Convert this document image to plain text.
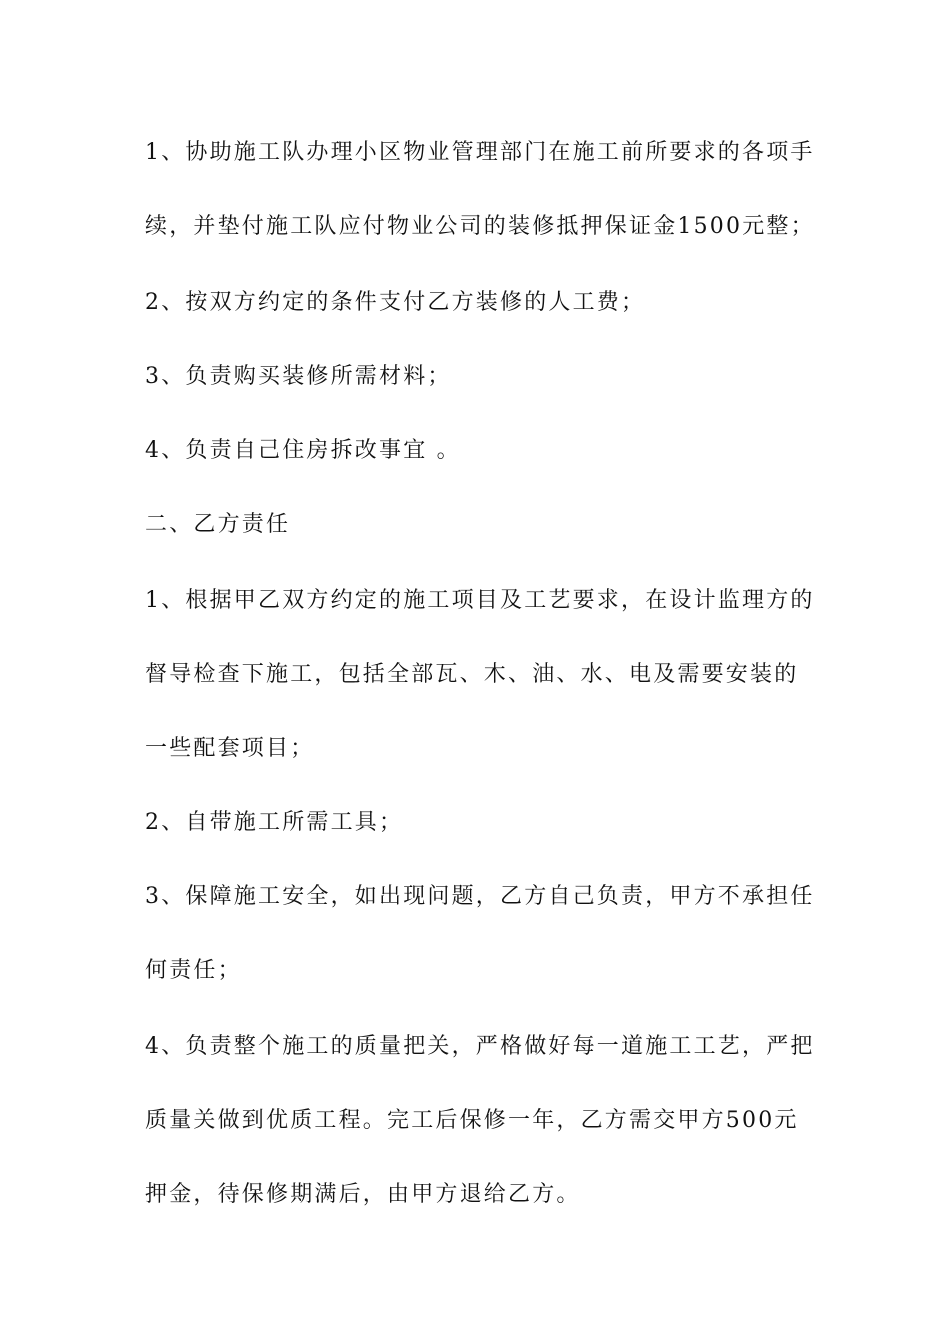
1、协助施工队办理小区物业管理部门在施工前所要求的各项手
续，并垫付施工队应付物业公司的装修抵押保证金1500元整；
2、按双方约定的条件支付乙方装修的人工费；
3、负责购买装修所需材料；
4、负责自己住房拆改事宜 。
二、乙方责任
1、根据甲乙双方约定的施工项目及工艺要求，在设计监理方的
督导检查下施工，包括全部瓦、木、油、水、电及需要安装的
一些配套项目；
2、自带施工所需工具；
3、保障施工安全，如出现问题，乙方自己负责，甲方不承担任
何责任；
4、负责整个施工的质量把关，严格做好每一道施工工艺，严把
质量关做到优质工程。完工后保修一年，乙方需交甲方500元
押金，待保修期满后，由甲方退给乙方。
